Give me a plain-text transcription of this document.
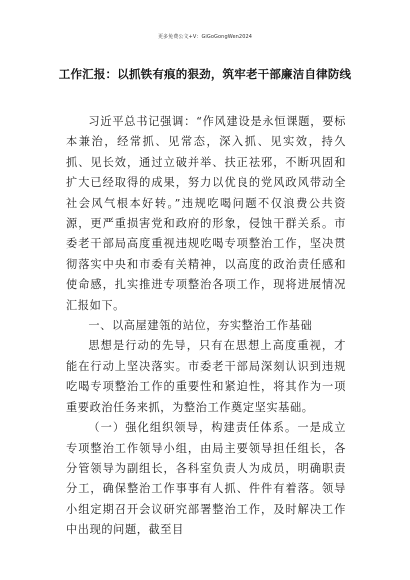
更多免费公文+V：GiGoGongWen2024
工作汇报：以抓铁有痕的狠劲，筑牢老干部廉洁自律防线

习近平总书记强调：“作风建设是永恒课题，要标本兼治，经常抓、见常态，深入抓、见实效，持久抓、见长效，通过立破并举、扶正祛邪，不断巩固和扩大已经取得的成果，努力以优良的党风政风带动全社会风气根本好转。”违规吃喝问题不仅浪费公共资源，更严重损害党和政府的形象，侵蚀干群关系。市委老干部局高度重视违规吃喝专项整治工作，坚决贯彻落实中央和市委有关精神，以高度的政治责任感和使命感，扎实推进专项整治各项工作，现将进展情况汇报如下。

一、以高屋建瓴的站位，夯实整治工作基础

思想是行动的先导，只有在思想上高度重视，才能在行动上坚决落实。市委老干部局深刻认识到违规吃喝专项整治工作的重要性和紧迫性，将其作为一项重要政治任务来抓，为整治工作奠定坚实基础。

（一）强化组织领导，构建责任体系。一是成立专项整治工作领导小组，由局主要领导担任组长，各分管领导为副组长，各科室负责人为成员，明确职责分工，确保整治工作事事有人抓、件件有着落。领导小组定期召开会议研究部署整治工作，及时解决工作中出现的问题，截至目
